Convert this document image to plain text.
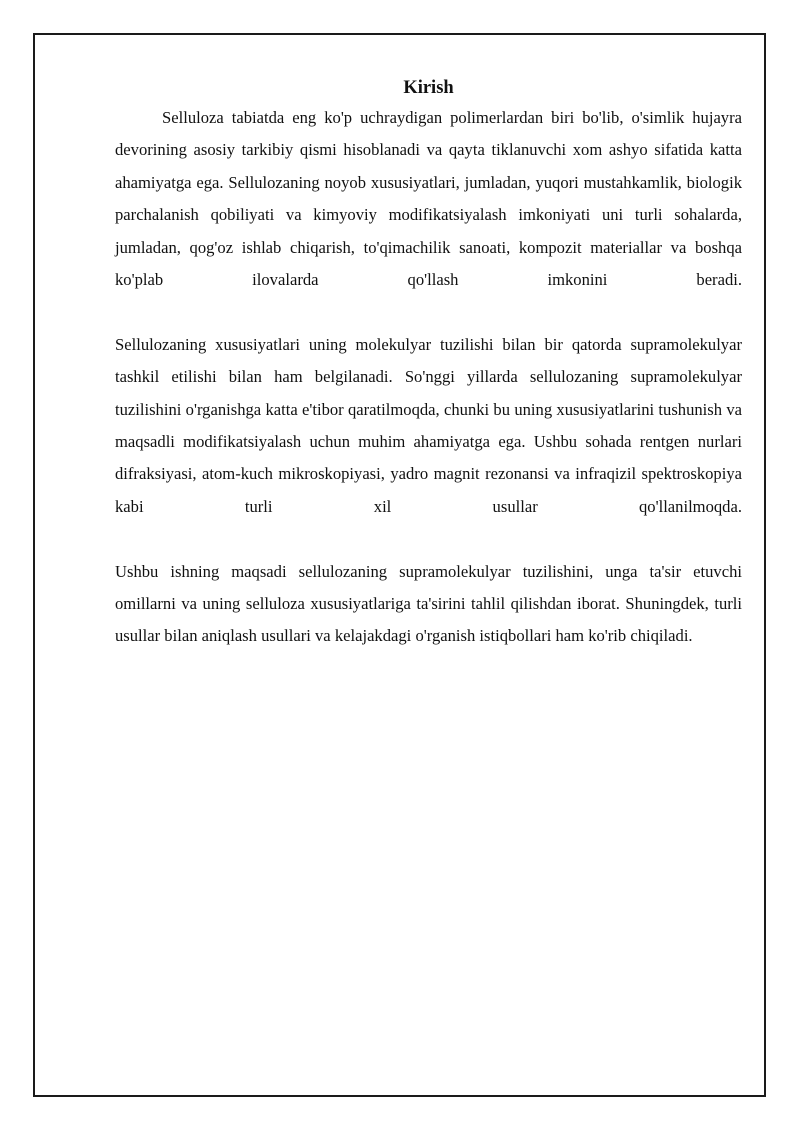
Kirish

Selluloza tabiatda eng ko'p uchraydigan polimerlardan biri bo'lib, o'simlik hujayra devorining asosiy tarkibiy qismi hisoblanadi va qayta tiklanuvchi xom ashyo sifatida katta ahamiyatga ega. Sellulozaning noyob xususiyatlari, jumladan, yuqori mustahkamlik, biologik parchalanish qobiliyati va kimyoviy modifikatsiyalash imkoniyati uni turli sohalarda, jumladan, qog'oz ishlab chiqarish, to'qimachilik sanoati, kompozit materiallar va boshqa ko'plab ilovalarda qo'llash imkonini beradi.

Sellulozaning xususiyatlari uning molekulyar tuzilishi bilan bir qatorda supramolekulyar tashkil etilishi bilan ham belgilanadi. So'nggi yillarda sellulozaning supramolekulyar tuzilishini o'rganishga katta e'tibor qaratilmoqda, chunki bu uning xususiyatlarini tushunish va maqsadli modifikatsiyalash uchun muhim ahamiyatga ega. Ushbu sohada rentgen nurlari difraksiyasi, atom-kuch mikroskopiyasi, yadro magnit rezonansi va infraqizil spektroskopiya kabi turli xil usullar qo'llanilmoqda.

Ushbu ishning maqsadi sellulozaning supramolekulyar tuzilishini, unga ta'sir etuvchi omillarni va uning selluloza xususiyatlariga ta'sirini tahlil qilishdan iborat. Shuningdek, turli usullar bilan aniqlash usullari va kelajakdagi o'rganish istiqbollari ham ko'rib chiqiladi.
